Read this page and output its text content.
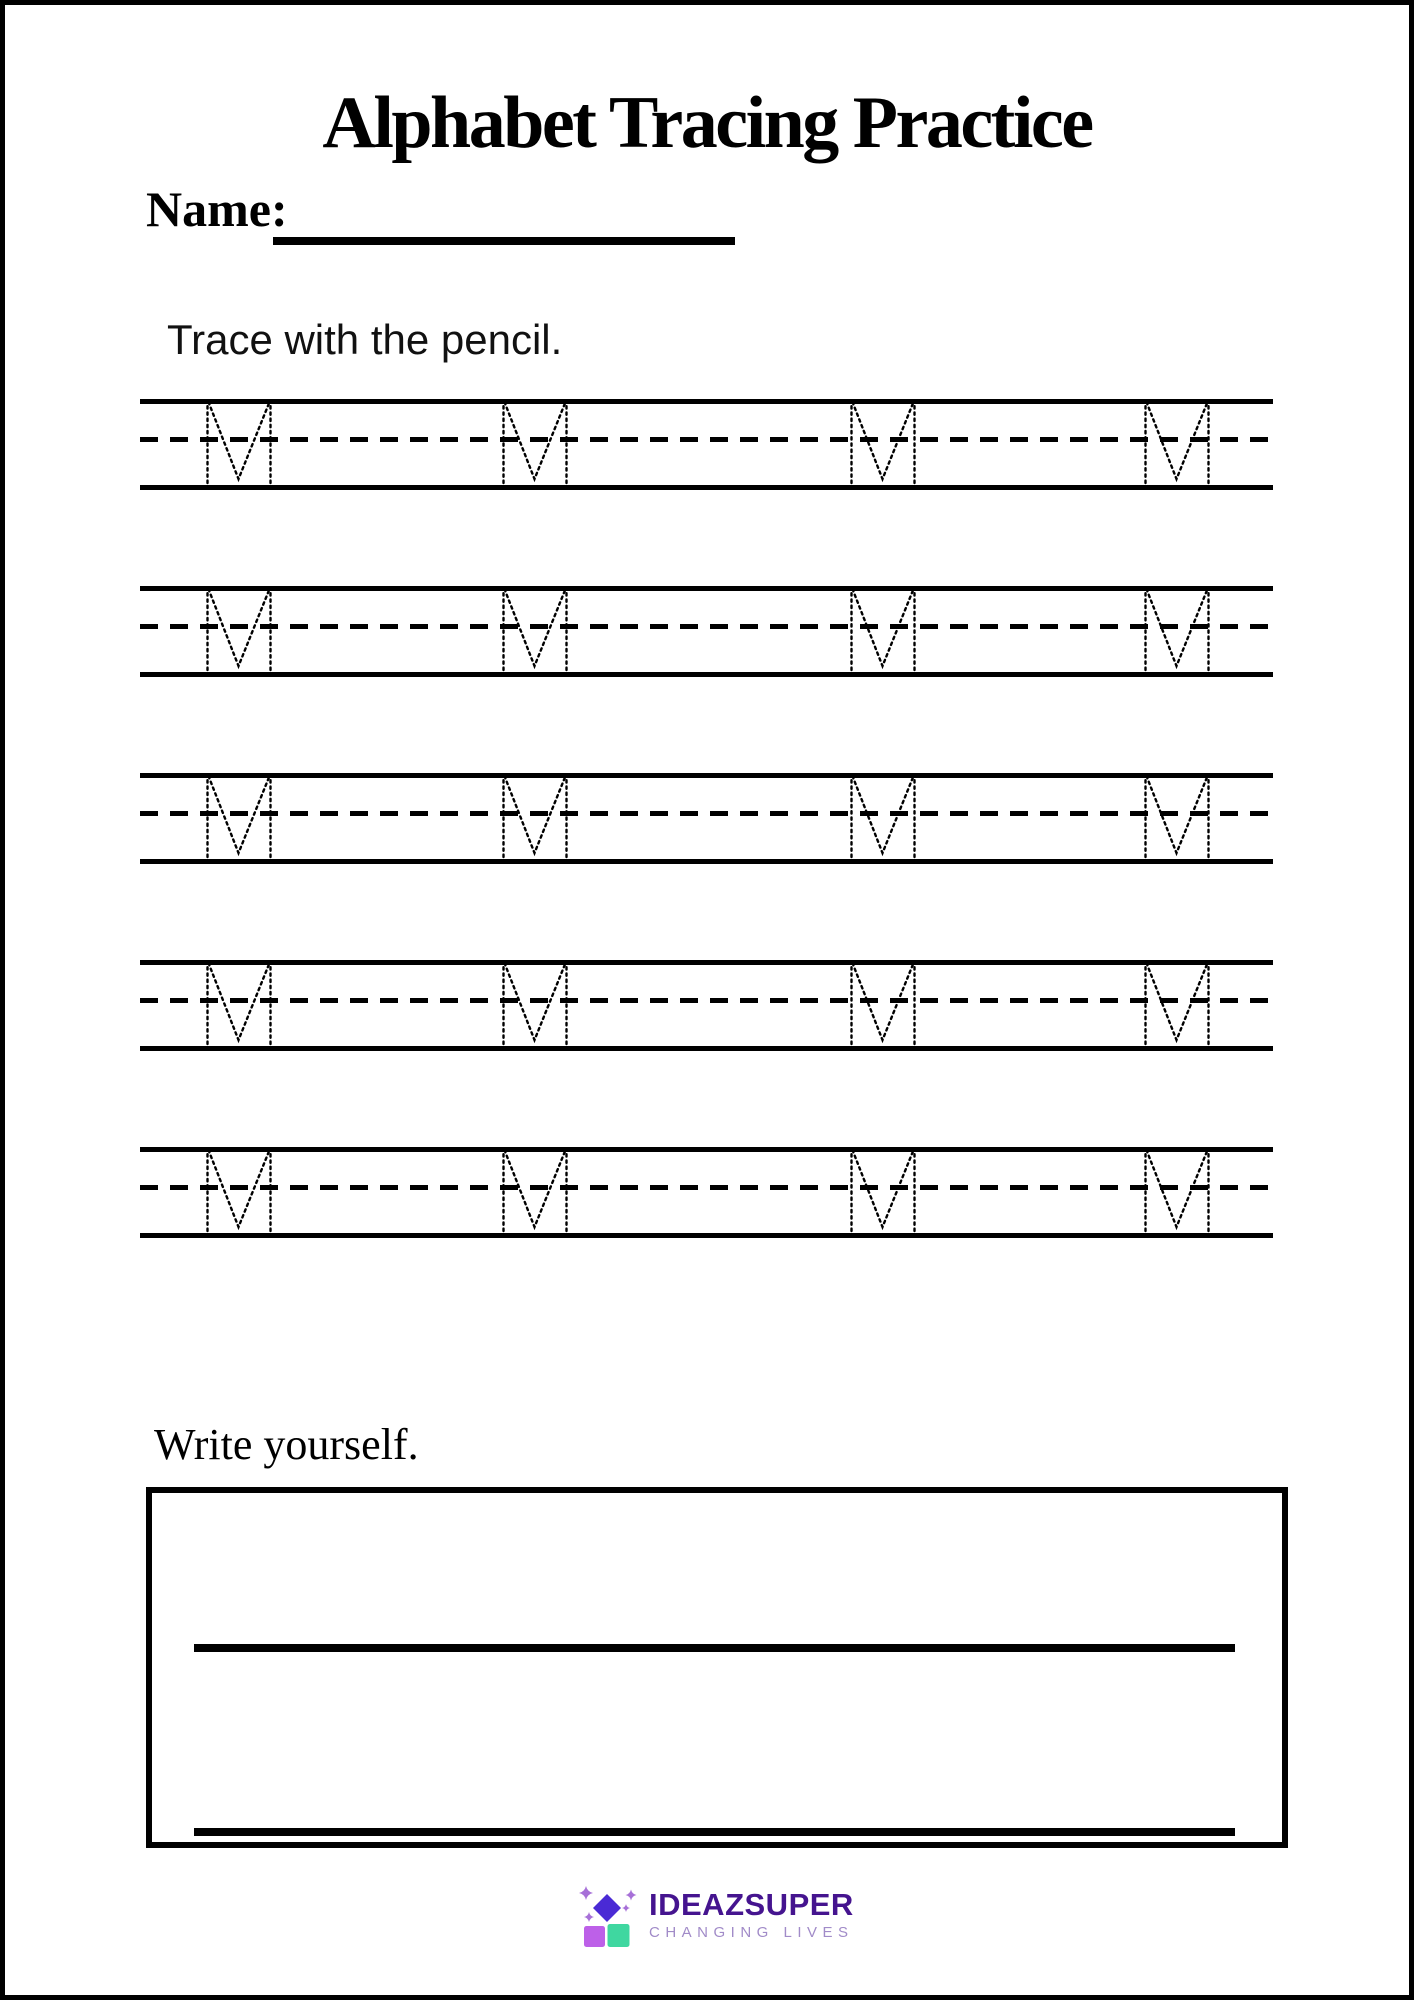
Alphabet Tracing Practice
Name:

Trace with the pencil.

Write yourself.

IDEAZSUPER
CHANGING LIVES
